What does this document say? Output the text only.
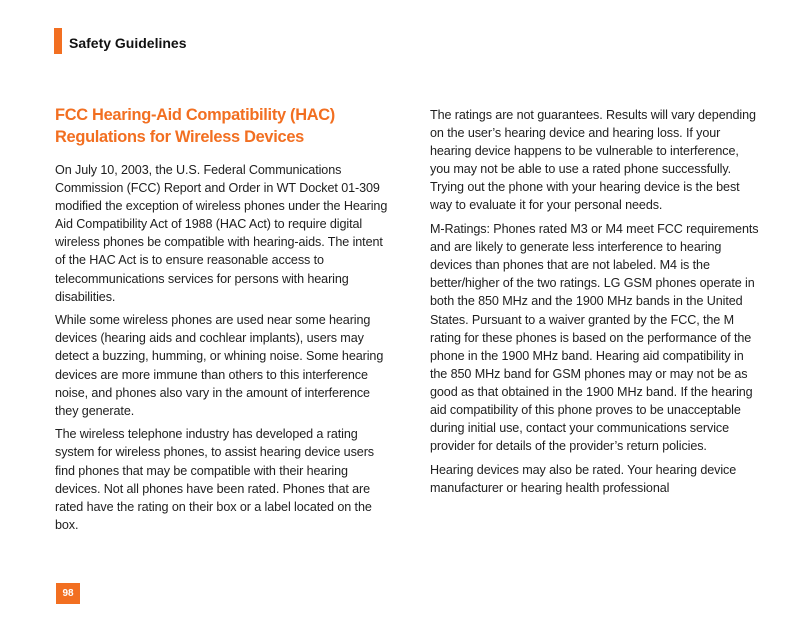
Safety Guidelines
FCC Hearing-Aid Compatibility (HAC)
Regulations for Wireless Devices

On July 10, 2003, the U.S. Federal Communications Commission (FCC) Report and Order in WT Docket 01-309 modified the exception of wireless phones under the Hearing Aid Compatibility Act of 1988 (HAC Act) to require digital wireless phones be compatible with hearing-aids. The intent of the HAC Act is to ensure reasonable access to telecommunications services for persons with hearing disabilities.

While some wireless phones are used near some hearing devices (hearing aids and cochlear implants), users may detect a buzzing, humming, or whining noise. Some hearing devices are more immune than others to this interference noise, and phones also vary in the amount of interference they generate.

The wireless telephone industry has developed a rating system for wireless phones, to assist hearing device users find phones that may be compatible with their hearing devices. Not all phones have been rated. Phones that are rated have the rating on their box or a label located on the box.

The ratings are not guarantees. Results will vary depending on the user’s hearing device and hearing loss. If your hearing device happens to be vulnerable to interference, you may not be able to use a rated phone successfully. Trying out the phone with your hearing device is the best way to evaluate it for your personal needs.

M-Ratings: Phones rated M3 or M4 meet FCC requirements and are likely to generate less interference to hearing devices than phones that are not labeled. M4 is the better/higher of the two ratings. LG GSM phones operate in both the 850 MHz and the 1900 MHz bands in the United States. Pursuant to a waiver granted by the FCC, the M rating for these phones is based on the performance of the phone in the 1900 MHz band. Hearing aid compatibility in the 850 MHz band for GSM phones may or may not be as good as that obtained in the 1900 MHz band. If the hearing aid compatibility of this phone proves to be unacceptable during initial use, contact your communications service provider for details of the provider’s return policies.

Hearing devices may also be rated. Your hearing device manufacturer or hearing health professional

98
